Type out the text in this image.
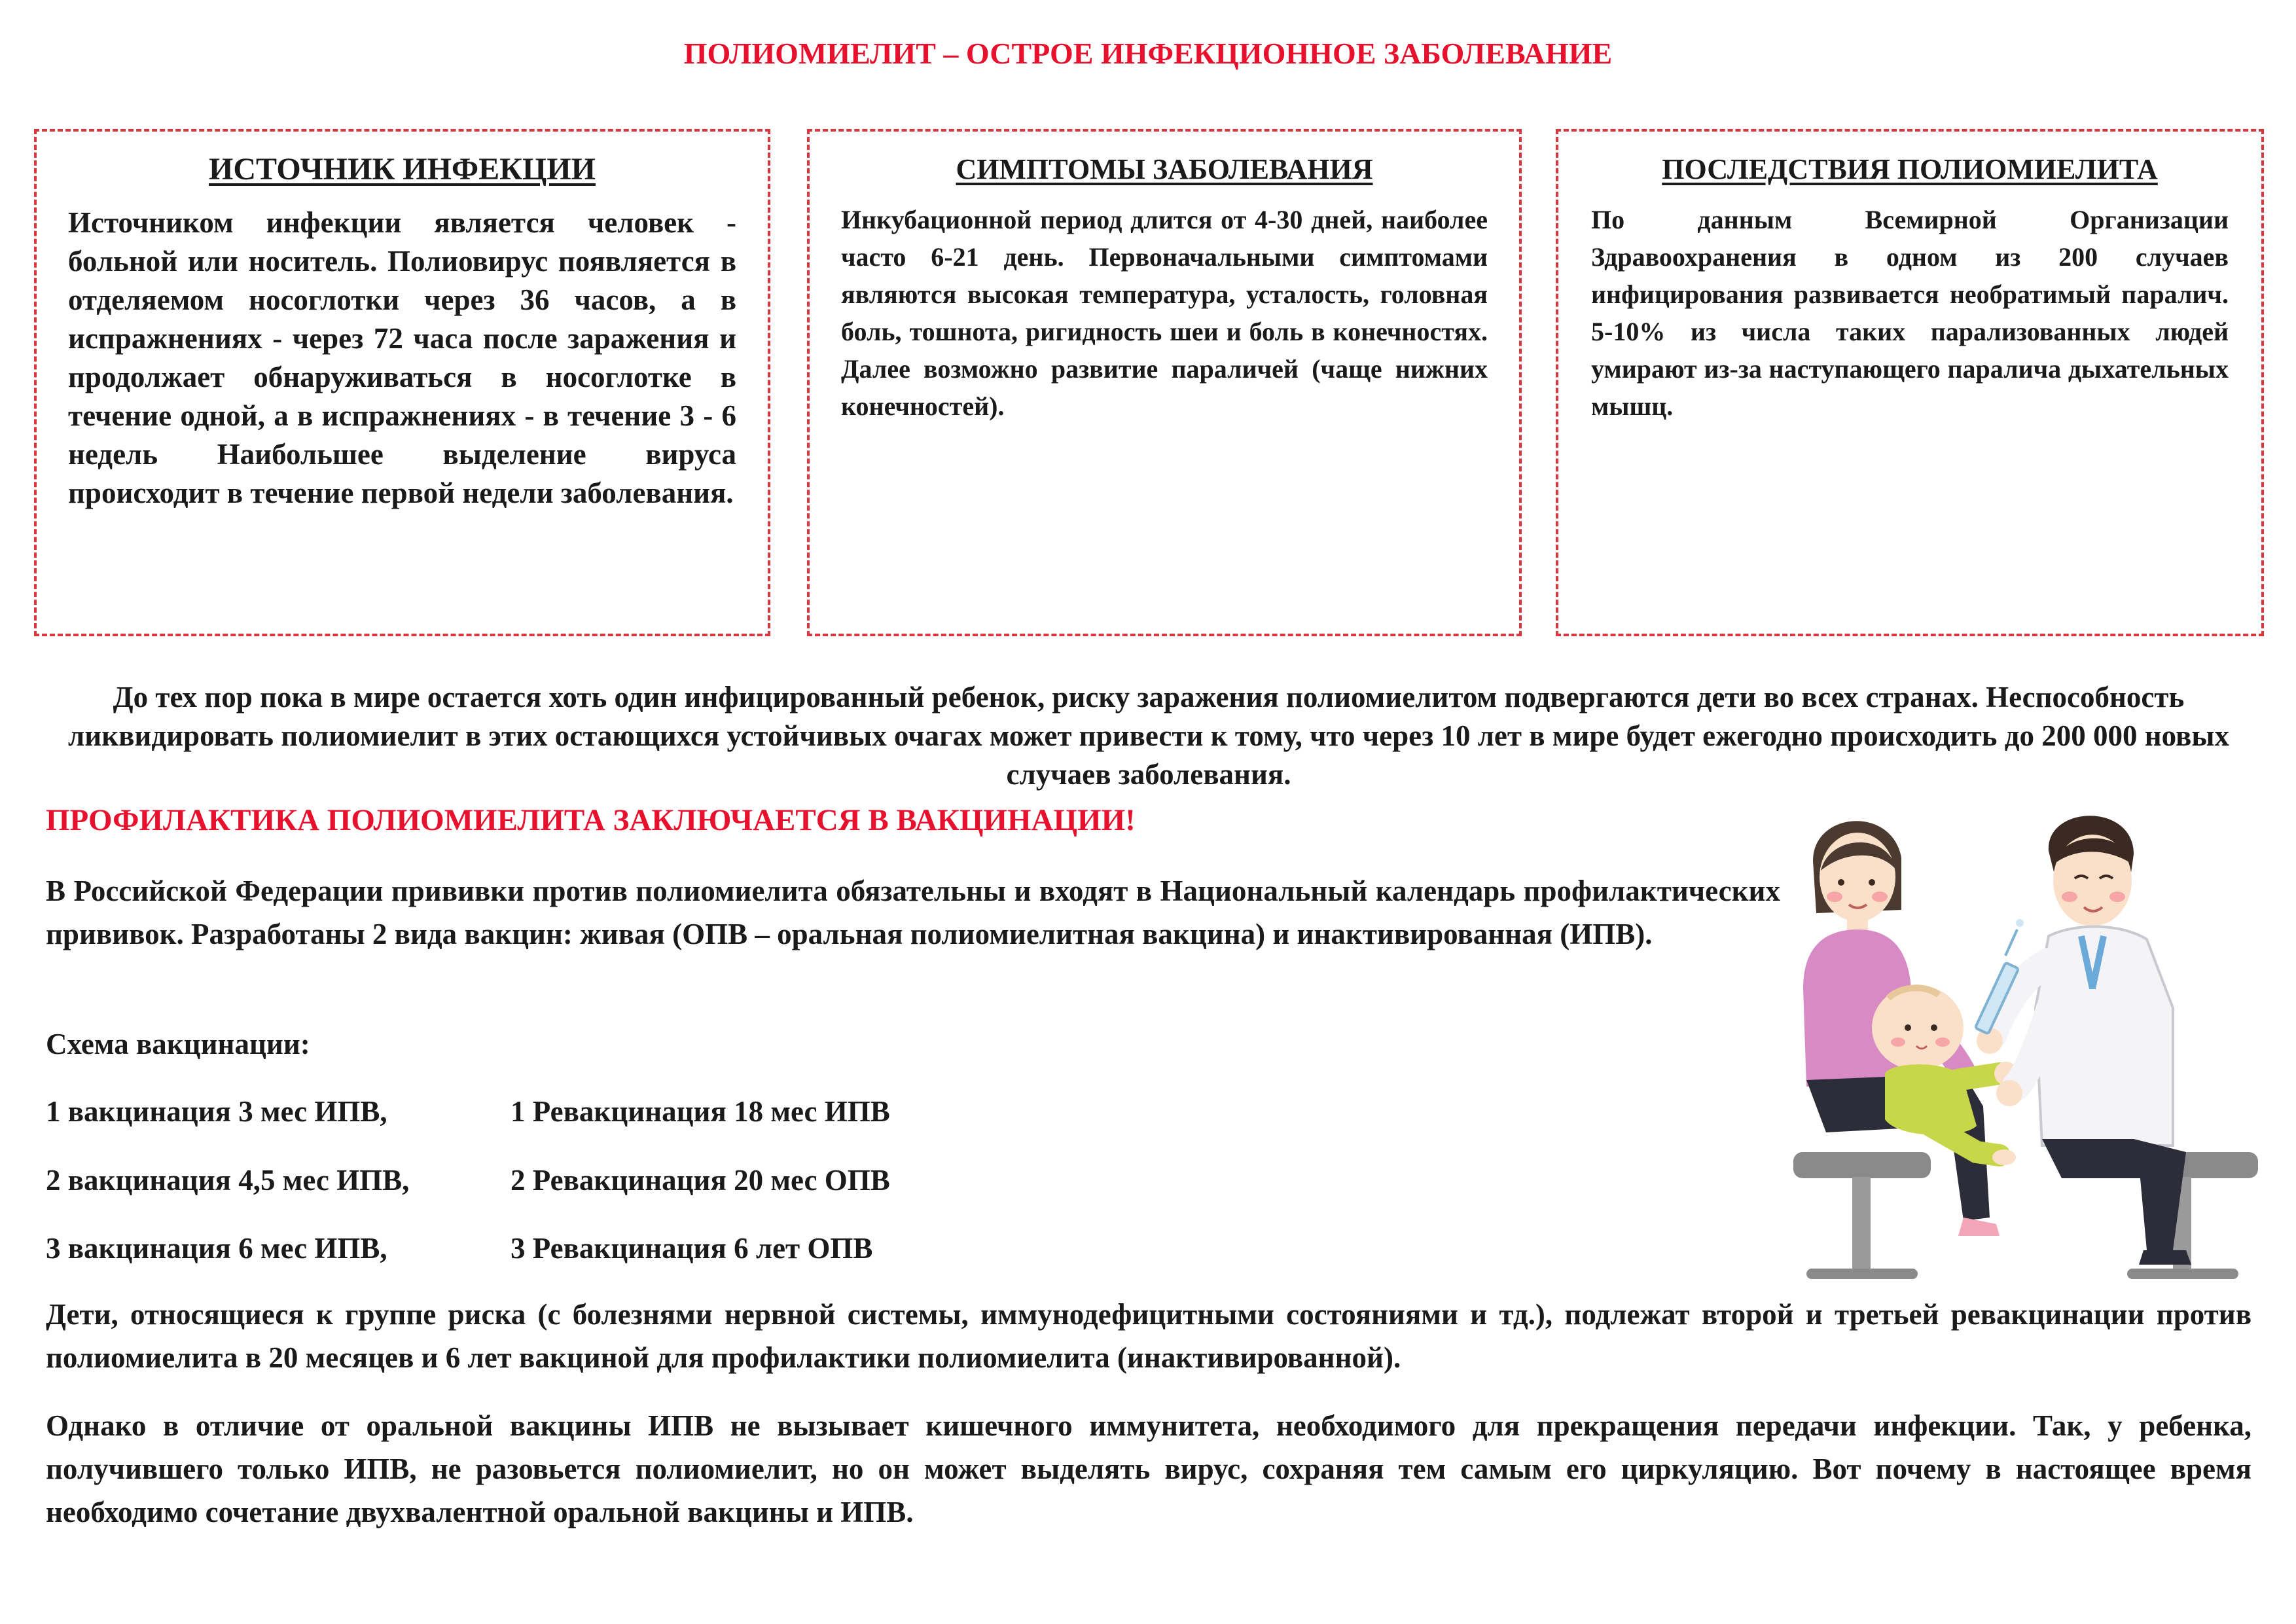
ПОЛИОМИЕЛИТ – ОСТРОЕ ИНФЕКЦИОННОЕ ЗАБОЛЕВАНИЕ
ИСТОЧНИК ИНФЕКЦИИ

Источником инфекции является человек - больной или носитель. Полиовирус появляется в отделяемом носоглотки через 36 часов, а в испражнениях - через 72 часа после заражения и продолжает обнаруживаться в носоглотке в течение одной, а в испражнениях - в течение 3 - 6 недель Наибольшее выделение вируса происходит в течение первой недели заболевания.

СИМПТОМЫ ЗАБОЛЕВАНИЯ

Инкубационной период длится от 4-30 дней, наиболее часто 6-21 день. Первоначальными симптомами являются высокая температура, усталость, головная боль, тошнота, ригидность шеи и боль в конечностях. Далее возможно развитие параличей (чаще нижних конечностей).

ПОСЛЕДСТВИЯ ПОЛИОМИЕЛИТА

По данным Всемирной Организации Здравоохранения в одном из 200 случаев инфицирования развивается необратимый паралич. 5-10% из числа таких парализованных людей умирают из-за наступающего паралича дыхательных мышц.

До тех пор пока в мире остается хоть один инфицированный ребенок, риску заражения полиомиелитом подвергаются дети во всех странах. Неспособность ликвидировать полиомиелит в этих остающихся устойчивых очагах может привести к тому, что через 10 лет в мире будет ежегодно происходить до 200 000 новых случаев заболевания.

ПРОФИЛАКТИКА ПОЛИОМИЕЛИТА ЗАКЛЮЧАЕТСЯ В ВАКЦИНАЦИИ!

В Российской Федерации прививки против полиомиелита обязательны и входят в Национальный календарь профилактических прививок. Разработаны 2 вида вакцин: живая (ОПВ – оральная полиомиелитная вакцина) и инактивированная (ИПВ).

Схема вакцинации:

1 вакцинация 3 мес ИПВ,	1 Ревакцинация 18 мес ИПВ

2 вакцинация 4,5 мес ИПВ,	2 Ревакцинация 20 мес ОПВ

3 вакцинация 6 мес ИПВ,	3 Ревакцинация 6 лет ОПВ

Дети, относящиеся к группе риска (с болезнями нервной системы, иммунодефицитными состояниями и тд.), подлежат второй и третьей ревакцинации против полиомиелита в 20 месяцев и 6 лет вакциной для профилактики полиомиелита (инактивированной).

Однако в отличие от оральной вакцины ИПВ не вызывает кишечного иммунитета, необходимого для прекращения передачи инфекции. Так, у ребенка, получившего только ИПВ, не разовьется полиомиелит, но он может выделять вирус, сохраняя тем самым его циркуляцию. Вот почему в настоящее время необходимо сочетание двухвалентной оральной вакцины и ИПВ.
